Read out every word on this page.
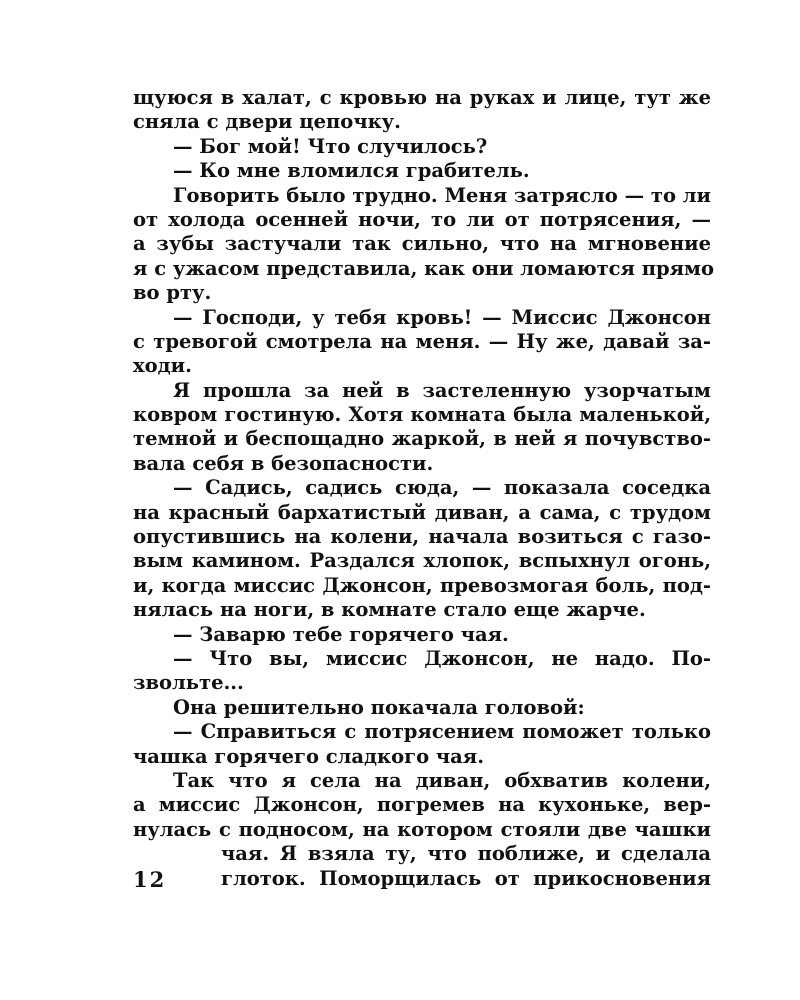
щуюся в халат, с кровью на руках и лице, тут же
сняла с двери цепочку.
— Бог мой! Что случилось?
— Ко мне вломился грабитель.
Говорить было трудно. Меня затрясло — то ли
от холода осенней ночи, то ли от потрясения, —
а зубы застучали так сильно, что на мгновение
я с ужасом представила, как они ломаются прямо
во рту.
— Господи, у тебя кровь! — Миссис Джонсон
с тревогой смотрела на меня. — Ну же, давай за-
ходи.
Я прошла за ней в застеленную узорчатым
ковром гостиную. Хотя комната была маленькой,
темной и беспощадно жаркой, в ней я почувство-
вала себя в безопасности.
— Садись, садись сюда, — показала соседка
на красный бархатистый диван, а сама, с трудом
опустившись на колени, начала возиться с газо-
вым камином. Раздался хлопок, вспыхнул огонь,
и, когда миссис Джонсон, превозмогая боль, под-
нялась на ноги, в комнате стало еще жарче.
— Заварю тебе горячего чая.
— Что вы, миссис Джонсон, не надо. По-
звольте...
Она решительно покачала головой:
— Справиться с потрясением поможет только
чашка горячего сладкого чая.
Так что я села на диван, обхватив колени,
а миссис Джонсон, погремев на кухоньке, вер-
нулась с подносом, на котором стояли две чашки
чая. Я взяла ту, что поближе, и сделала
глоток. Поморщилась от прикосновения
12
